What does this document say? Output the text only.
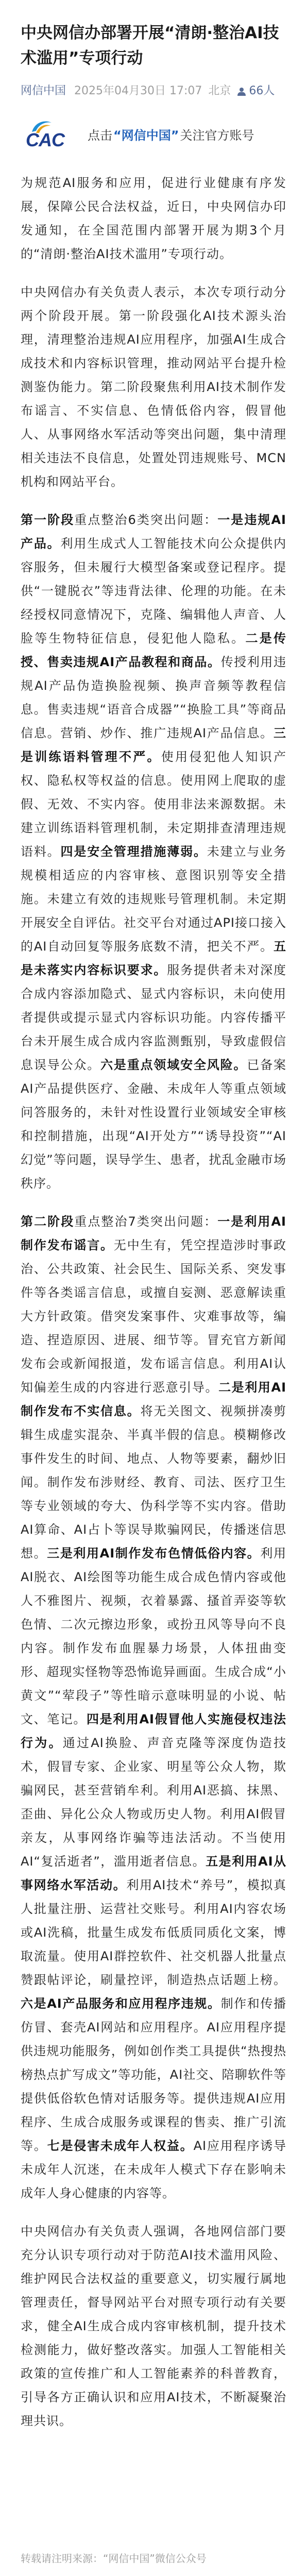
中央网信办部署开展“清朗·整治AI技术滥用”专项行动
网信中国 2025年04月30日 17:07 北京 66人
CAC 点击 “网信中国” 关注官方账号

为规范AI服务和应用，促进行业健康有序发展，保障公民合法权益，近日，中央网信办印发通知，在全国范围内部署开展为期3个月的“清朗·整治AI技术滥用”专项行动。

中央网信办有关负责人表示，本次专项行动分两个阶段开展。第一阶段强化AI技术源头治理，清理整治违规AI应用程序，加强AI生成合成技术和内容标识管理，推动网站平台提升检测鉴伪能力。第二阶段聚焦利用AI技术制作发布谣言、不实信息、色情低俗内容，假冒他人、从事网络水军活动等突出问题，集中清理相关违法不良信息，处置处罚违规账号、MCN机构和网站平台。

第一阶段重点整治6类突出问题：一是违规AI产品。利用生成式人工智能技术向公众提供内容服务，但未履行大模型备案或登记程序。提供“一键脱衣”等违背法律、伦理的功能。在未经授权同意情况下，克隆、编辑他人声音、人脸等生物特征信息，侵犯他人隐私。二是传授、售卖违规AI产品教程和商品。传授利用违规AI产品伪造换脸视频、换声音频等教程信息。售卖违规“语音合成器”“换脸工具”等商品信息。营销、炒作、推广违规AI产品信息。三是训练语料管理不严。使用侵犯他人知识产权、隐私权等权益的信息。使用网上爬取的虚假、无效、不实内容。使用非法来源数据。未建立训练语料管理机制，未定期排查清理违规语料。四是安全管理措施薄弱。未建立与业务规模相适应的内容审核、意图识别等安全措施。未建立有效的违规账号管理机制。未定期开展安全自评估。社交平台对通过API接口接入的AI自动回复等服务底数不清，把关不严。五是未落实内容标识要求。服务提供者未对深度合成内容添加隐式、显式内容标识，未向使用者提供或提示显式内容标识功能。内容传播平台未开展生成合成内容监测甄别，导致虚假信息误导公众。六是重点领域安全风险。已备案AI产品提供医疗、金融、未成年人等重点领域问答服务的，未针对性设置行业领域安全审核和控制措施，出现“AI开处方”“诱导投资”“AI幻觉”等问题，误导学生、患者，扰乱金融市场秩序。

第二阶段重点整治7类突出问题：一是利用AI制作发布谣言。无中生有，凭空捏造涉时事政治、公共政策、社会民生、国际关系、突发事件等各类谣言信息，或擅自妄测、恶意解读重大方针政策。借突发案事件、灾难事故等，编造、捏造原因、进展、细节等。冒充官方新闻发布会或新闻报道，发布谣言信息。利用AI认知偏差生成的内容进行恶意引导。二是利用AI制作发布不实信息。将无关图文、视频拼凑剪辑生成虚实混杂、半真半假的信息。模糊修改事件发生的时间、地点、人物等要素，翻炒旧闻。制作发布涉财经、教育、司法、医疗卫生等专业领域的夸大、伪科学等不实内容。借助AI算命、AI占卜等误导欺骗网民，传播迷信思想。三是利用AI制作发布色情低俗内容。利用AI脱衣、AI绘图等功能生成合成色情内容或他人不雅图片、视频，衣着暴露、搔首弄姿等软色情、二次元擦边形象，或扮丑风等导向不良内容。制作发布血腥暴力场景，人体扭曲变形、超现实怪物等恐怖诡异画面。生成合成“小黄文”“荤段子”等性暗示意味明显的小说、帖文、笔记。四是利用AI假冒他人实施侵权违法行为。通过AI换脸、声音克隆等深度伪造技术，假冒专家、企业家、明星等公众人物，欺骗网民，甚至营销牟利。利用AI恶搞、抹黑、歪曲、异化公众人物或历史人物。利用AI假冒亲友，从事网络诈骗等违法活动。不当使用AI“复活逝者”，滥用逝者信息。五是利用AI从事网络水军活动。利用AI技术“养号”，模拟真人批量注册、运营社交账号。利用AI内容农场或AI洗稿，批量生成发布低质同质化文案，博取流量。使用AI群控软件、社交机器人批量点赞跟帖评论，刷量控评，制造热点话题上榜。六是AI产品服务和应用程序违规。制作和传播仿冒、套壳AI网站和应用程序。AI应用程序提供违规功能服务，例如创作类工具提供“热搜热榜热点扩写成文”等功能，AI社交、陪聊软件等提供低俗软色情对话服务等。提供违规AI应用程序、生成合成服务或课程的售卖、推广引流等。七是侵害未成年人权益。AI应用程序诱导未成年人沉迷，在未成年人模式下存在影响未成年人身心健康的内容等。

中央网信办有关负责人强调，各地网信部门要充分认识专项行动对于防范AI技术滥用风险、维护网民合法权益的重要意义，切实履行属地管理责任，督导网站平台对照专项行动有关要求，健全AI生成合成内容审核机制，提升技术检测能力，做好整改落实。加强人工智能相关政策的宣传推广和人工智能素养的科普教育，引导各方正确认识和应用AI技术，不断凝聚治理共识。

转载请注明来源：“网信中国”微信公众号
